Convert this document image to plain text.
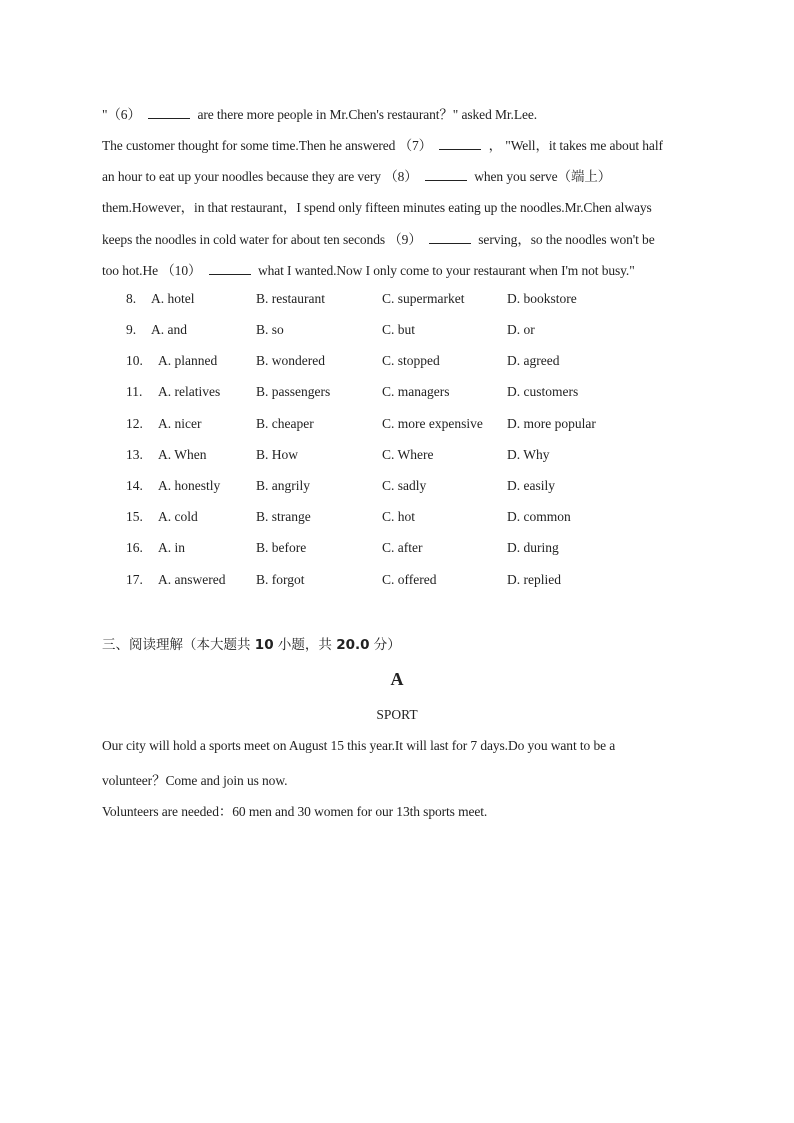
"（6）	are there more people in Mr.Chen's restaurant？" asked Mr.Lee.
The customer thought for some time.Then he answered （7）	， "Well，it takes me about half
an hour to eat up your noodles because they are very （8）	when you serve（端上）
them.However，in that restaurant，I spend only fifteen minutes eating up the noodles.Mr.Chen always
keeps the noodles in cold water for about ten seconds （9）	serving，so the noodles won't be
too hot.He （10）	what I wanted.Now I only come to your restaurant when I'm not busy."
8. A. hotel	B. restaurant	C. supermarket	D. bookstore
9. A. and	B. so	C. but	D. or
10. A. planned	B. wondered	C. stopped	D. agreed
11. A. relatives	B. passengers	C. managers	D. customers
12. A. nicer	B. cheaper	C. more expensive D. more popular
13. A. When	B. How	C. Where	D. Why
14. A. honestly	B. angrily	C. sadly	D. easily
15. A. cold	B. strange	C. hot	D. common
16. A. in	B. before	C. after	D. during
17. A. answered B. forgot	C. offered	D. replied
三、阅读理解（本大题共 10 小题，共 20.0 分）
A
SPORT
Our city will hold a sports meet on August 15 this year.It will last for 7 days.Do you want to be a
volunteer？Come and join us now.
Volunteers are needed：60 men and 30 women for our 13th sports meet.
